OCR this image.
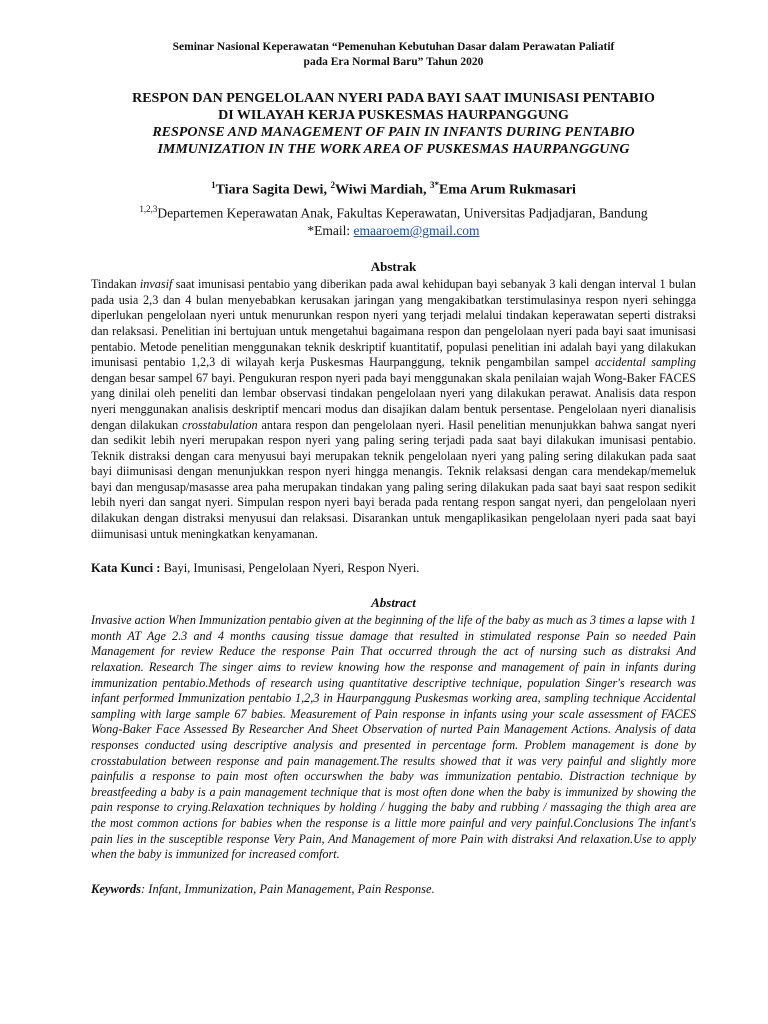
Seminar Nasional Keperawatan “Pemenuhan Kebutuhan Dasar dalam Perawatan Paliatif
pada Era Normal Baru” Tahun 2020
RESPON DAN PENGELOLAAN NYERI PADA BAYI SAAT IMUNISASI PENTABIO
DI WILAYAH KERJA PUSKESMAS HAURPANGGUNG
RESPONSE AND MANAGEMENT OF PAIN IN INFANTS DURING PENTABIO
IMMUNIZATION IN THE WORK AREA OF PUSKESMAS HAURPANGGUNG
$^1$Tiara Sagita Dewi, $^2$Wiwi Mardiah, $^{3*}$Ema Arum Rukmasari
$^{1,2,3}$Departemen Keperawatan Anak, Fakultas Keperawatan, Universitas Padjadjaran, Bandung
*Email: emaaroem@gmail.com
Abstrak

Tindakan invasif saat imunisasi pentabio yang diberikan pada awal kehidupan bayi sebanyak 3 kali dengan interval 1 bulan pada usia 2,3 dan 4 bulan menyebabkan kerusakan jaringan yang mengakibatkan terstimulasinya respon nyeri sehingga diperlukan pengelolaan nyeri untuk menurunkan respon nyeri yang terjadi melalui tindakan keperawatan seperti distraksi dan relaksasi. Penelitian ini bertujuan untuk mengetahui bagaimana respon dan pengelolaan nyeri pada bayi saat imunisasi pentabio. Metode penelitian menggunakan teknik deskriptif kuantitatif, populasi penelitian ini adalah bayi yang dilakukan imunisasi pentabio 1,2,3 di wilayah kerja Puskesmas Haurpanggung, teknik pengambilan sampel accidental sampling dengan besar sampel 67 bayi. Pengukuran respon nyeri pada bayi menggunakan skala penilaian wajah Wong-Baker FACES yang dinilai oleh peneliti dan lembar observasi tindakan pengelolaan nyeri yang dilakukan perawat. Analisis data respon nyeri menggunakan analisis deskriptif mencari modus dan disajikan dalam bentuk persentase. Pengelolaan nyeri dianalisis dengan dilakukan crosstabulation antara respon dan pengelolaan nyeri. Hasil penelitian menunjukkan bahwa sangat nyeri dan sedikit lebih nyeri merupakan respon nyeri yang paling sering terjadi pada saat bayi dilakukan imunisasi pentabio. Teknik distraksi dengan cara menyusui bayi merupakan teknik pengelolaan nyeri yang paling sering dilakukan pada saat bayi diimunisasi dengan menunjukkan respon nyeri hingga menangis. Teknik relaksasi dengan cara mendekap/memeluk bayi dan mengusap/masasse area paha merupakan tindakan yang paling sering dilakukan pada saat bayi saat respon sedikit lebih nyeri dan sangat nyeri. Simpulan respon nyeri bayi berada pada rentang respon sangat nyeri, dan pengelolaan nyeri dilakukan dengan distraksi menyusui dan relaksasi. Disarankan untuk mengaplikasikan pengelolaan nyeri pada saat bayi diimunisasi untuk meningkatkan kenyamanan.

Kata Kunci : Bayi, Imunisasi, Pengelolaan Nyeri, Respon Nyeri.

Abstract

Invasive action When Immunization pentabio given at the beginning of the life of the baby as much as 3 times a lapse with 1 month AT Age 2.3 and 4 months causing tissue damage that resulted in stimulated response Pain so needed Pain Management for review Reduce the response Pain That occurred through the act of nursing such as distraksi And relaxation. Research The singer aims to review knowing how the response and management of pain in infants during immunization pentabio.Methods of research using quantitative descriptive technique, population Singer's research was infant performed Immunization pentabio 1,2,3 in Haurpanggung Puskesmas working area, sampling technique Accidental sampling with large sample 67 babies. Measurement of Pain response in infants using your scale assessment of FACES Wong-Baker Face Assessed By Researcher And Sheet Observation of nurted Pain Management Actions. Analysis of data responses conducted using descriptive analysis and presented in percentage form. Problem management is done by crosstabulation between response and pain management.The results showed that it was very painful and slightly more painfulis a response to pain most often occurswhen the baby was immunization pentabio. Distraction technique by breastfeeding a baby is a pain management technique that is most often done when the baby is immunized by showing the pain response to crying.Relaxation techniques by holding / hugging the baby and rubbing / massaging the thigh area are the most common actions for babies when the response is a little more painful and very painful.Conclusions The infant's pain lies in the susceptible response Very Pain, And Management of more Pain with distraksi And relaxation.Use to apply when the baby is immunized for increased comfort.

Keywords: Infant, Immunization, Pain Management, Pain Response.
